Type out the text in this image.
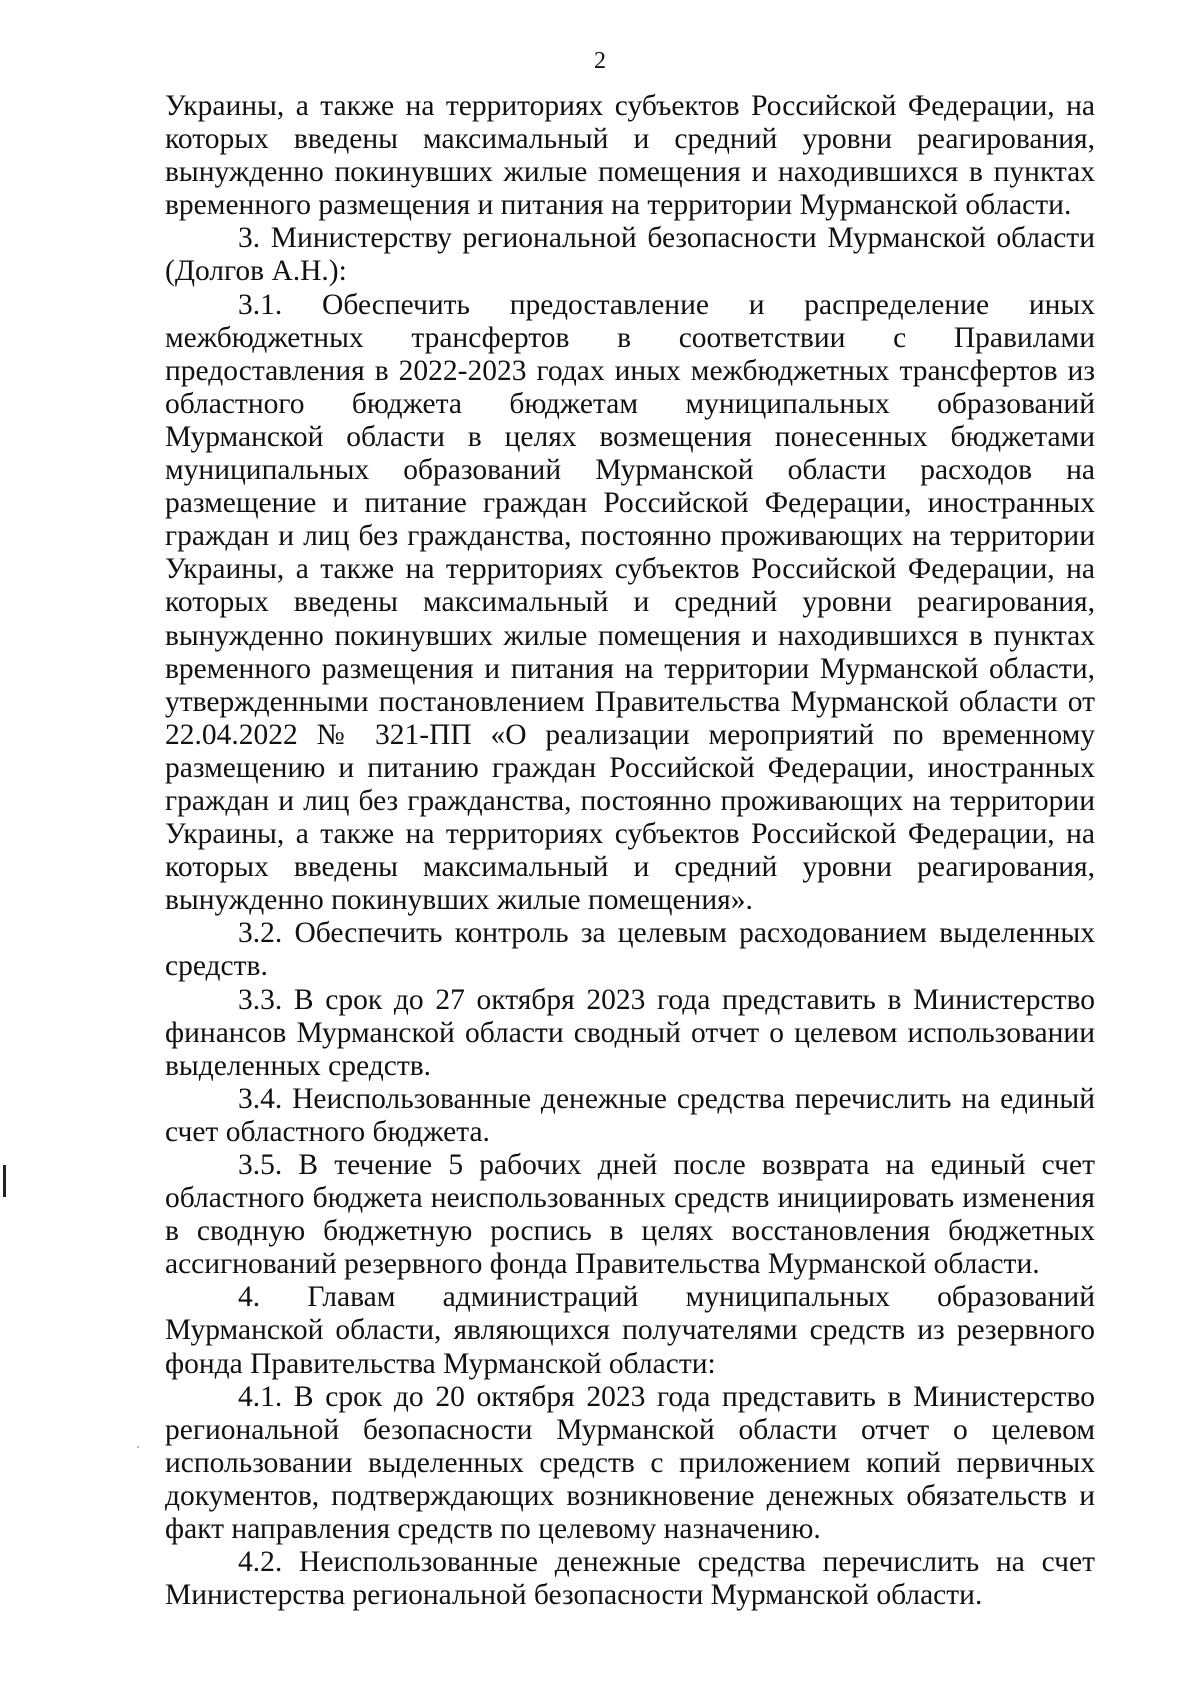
2

Украины, а также на территориях субъектов Российской Федерации, на которых введены максимальный и средний уровни реагирования, вынужденно покинувших жилые помещения и находившихся в пунктах временного размещения и питания на территории Мурманской области.

3. Министерству региональной безопасности Мурманской области (Долгов А.Н.):

3.1. Обеспечить предоставление и распределение иных межбюджетных трансфертов в соответствии с Правилами предоставления в 2022-2023 годах иных межбюджетных трансфертов из областного бюджета бюджетам муниципальных образований Мурманской области в целях возмещения понесенных бюджетами муниципальных образований Мурманской области расходов на размещение и питание граждан Российской Федерации, иностранных граждан и лиц без гражданства, постоянно проживающих на территории Украины, а также на территориях субъектов Российской Федерации, на которых введены максимальный и средний уровни реагирования, вынужденно покинувших жилые помещения и находившихся в пунктах временного размещения и питания на территории Мурманской области, утвержденными постановлением Правительства Мурманской области от 22.04.2022 № 321-ПП «О реализации мероприятий по временному размещению и питанию граждан Российской Федерации, иностранных граждан и лиц без гражданства, постоянно проживающих на территории Украины, а также на территориях субъектов Российской Федерации, на которых введены максимальный и средний уровни реагирования, вынужденно покинувших жилые помещения».

3.2. Обеспечить контроль за целевым расходованием выделенных средств.

3.3. В срок до 27 октября 2023 года представить в Министерство финансов Мурманской области сводный отчет о целевом использовании выделенных средств.

3.4. Неиспользованные денежные средства перечислить на единый счет областного бюджета.

3.5. В течение 5 рабочих дней после возврата на единый счет областного бюджета неиспользованных средств инициировать изменения в сводную бюджетную роспись в целях восстановления бюджетных ассигнований резервного фонда Правительства Мурманской области.

4. Главам администраций муниципальных образований Мурманской области, являющихся получателями средств из резервного фонда Правительства Мурманской области:

4.1. В срок до 20 октября 2023 года представить в Министерство региональной безопасности Мурманской области отчет о целевом использовании выделенных средств с приложением копий первичных документов, подтверждающих возникновение денежных обязательств и факт направления средств по целевому назначению.

4.2. Неиспользованные денежные средства перечислить на счет Министерства региональной безопасности Мурманской области.
